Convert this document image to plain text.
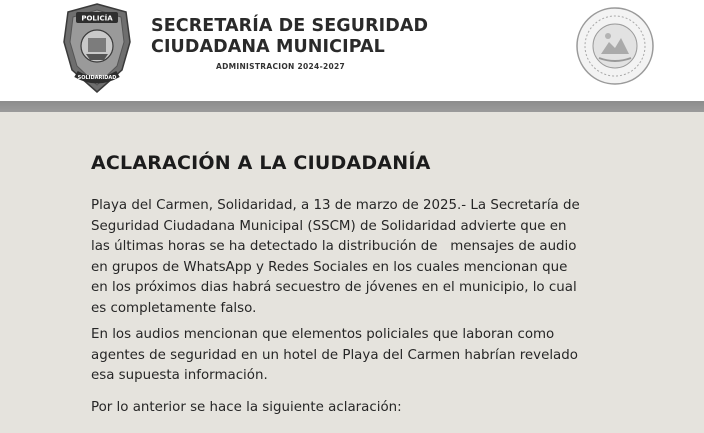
POLICÍA
SOLIDARIDAD
SECRETARÍA DE SEGURIDAD
CIUDADANA MUNICIPAL
ADMINISTRACION 2024-2027
ACLARACIÓN A LA CIUDADANÍA

Playa del Carmen, Solidaridad, a 13 de marzo de 2025.- La Secretaría de
Seguridad Ciudadana Municipal (SSCM) de Solidaridad advierte que en
las últimas horas se ha detectado la distribución de   mensajes de audio
en grupos de WhatsApp y Redes Sociales en los cuales mencionan que
en los próximos dias habrá secuestro de jóvenes en el municipio, lo cual
es completamente falso.

En los audios mencionan que elementos policiales que laboran como
agentes de seguridad en un hotel de Playa del Carmen habrían revelado
esa supuesta información.

Por lo anterior se hace la siguiente aclaración:
